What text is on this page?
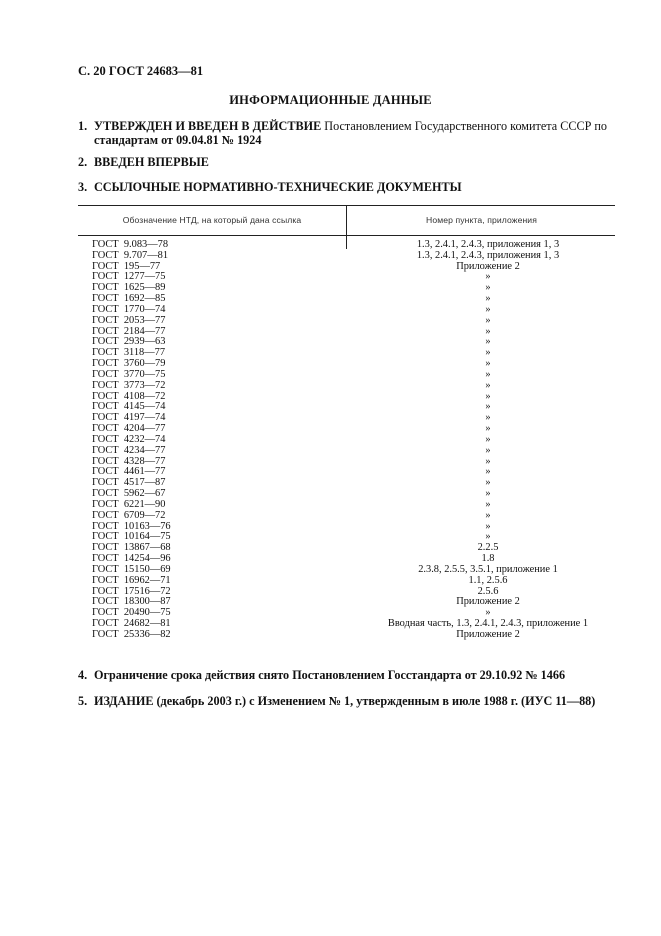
С. 20 ГОСТ 24683—81
ИНФОРМАЦИОННЫЕ ДАННЫЕ
1. УТВЕРЖДЕН И ВВЕДЕН В ДЕЙСТВИЕ Постановлением Государственного комитета СССР по
стандартам от 09.04.81 № 1924
2. ВВЕДЕН ВПЕРВЫЕ
3. ССЫЛОЧНЫЕ НОРМАТИВНО-ТЕХНИЧЕСКИЕ ДОКУМЕНТЫ
Обозначение НТД, на который дана ссылка	Номер пункта, приложения
ГОСТ  9.083—78	1.3, 2.4.1, 2.4.3, приложения 1, 3
ГОСТ  9.707—81	1.3, 2.4.1, 2.4.3, приложения 1, 3
ГОСТ  195—77	Приложение 2
ГОСТ  1277—75	»
ГОСТ  1625—89	»
ГОСТ  1692—85	»
ГОСТ  1770—74	»
ГОСТ  2053—77	»
ГОСТ  2184—77	»
ГОСТ  2939—63	»
ГОСТ  3118—77	»
ГОСТ  3760—79	»
ГОСТ  3770—75	»
ГОСТ  3773—72	»
ГОСТ  4108—72	»
ГОСТ  4145—74	»
ГОСТ  4197—74	»
ГОСТ  4204—77	»
ГОСТ  4232—74	»
ГОСТ  4234—77	»
ГОСТ  4328—77	»
ГОСТ  4461—77	»
ГОСТ  4517—87	»
ГОСТ  5962—67	»
ГОСТ  6221—90	»
ГОСТ  6709—72	»
ГОСТ  10163—76	»
ГОСТ  10164—75	»
ГОСТ  13867—68	2.2.5
ГОСТ  14254—96	1.8
ГОСТ  15150—69	2.3.8, 2.5.5, 3.5.1, приложение 1
ГОСТ  16962—71	1.1, 2.5.6
ГОСТ  17516—72	2.5.6
ГОСТ  18300—87	Приложение 2
ГОСТ  20490—75	»
ГОСТ  24682—81	Вводная часть, 1.3, 2.4.1, 2.4.3, приложение 1
ГОСТ  25336—82	Приложение 2
4. Ограничение срока действия снято Постановлением Госстандарта от 29.10.92 № 1466
5. ИЗДАНИЕ (декабрь 2003 г.) с Изменением № 1, утвержденным в июле 1988 г. (ИУС 11—88)
